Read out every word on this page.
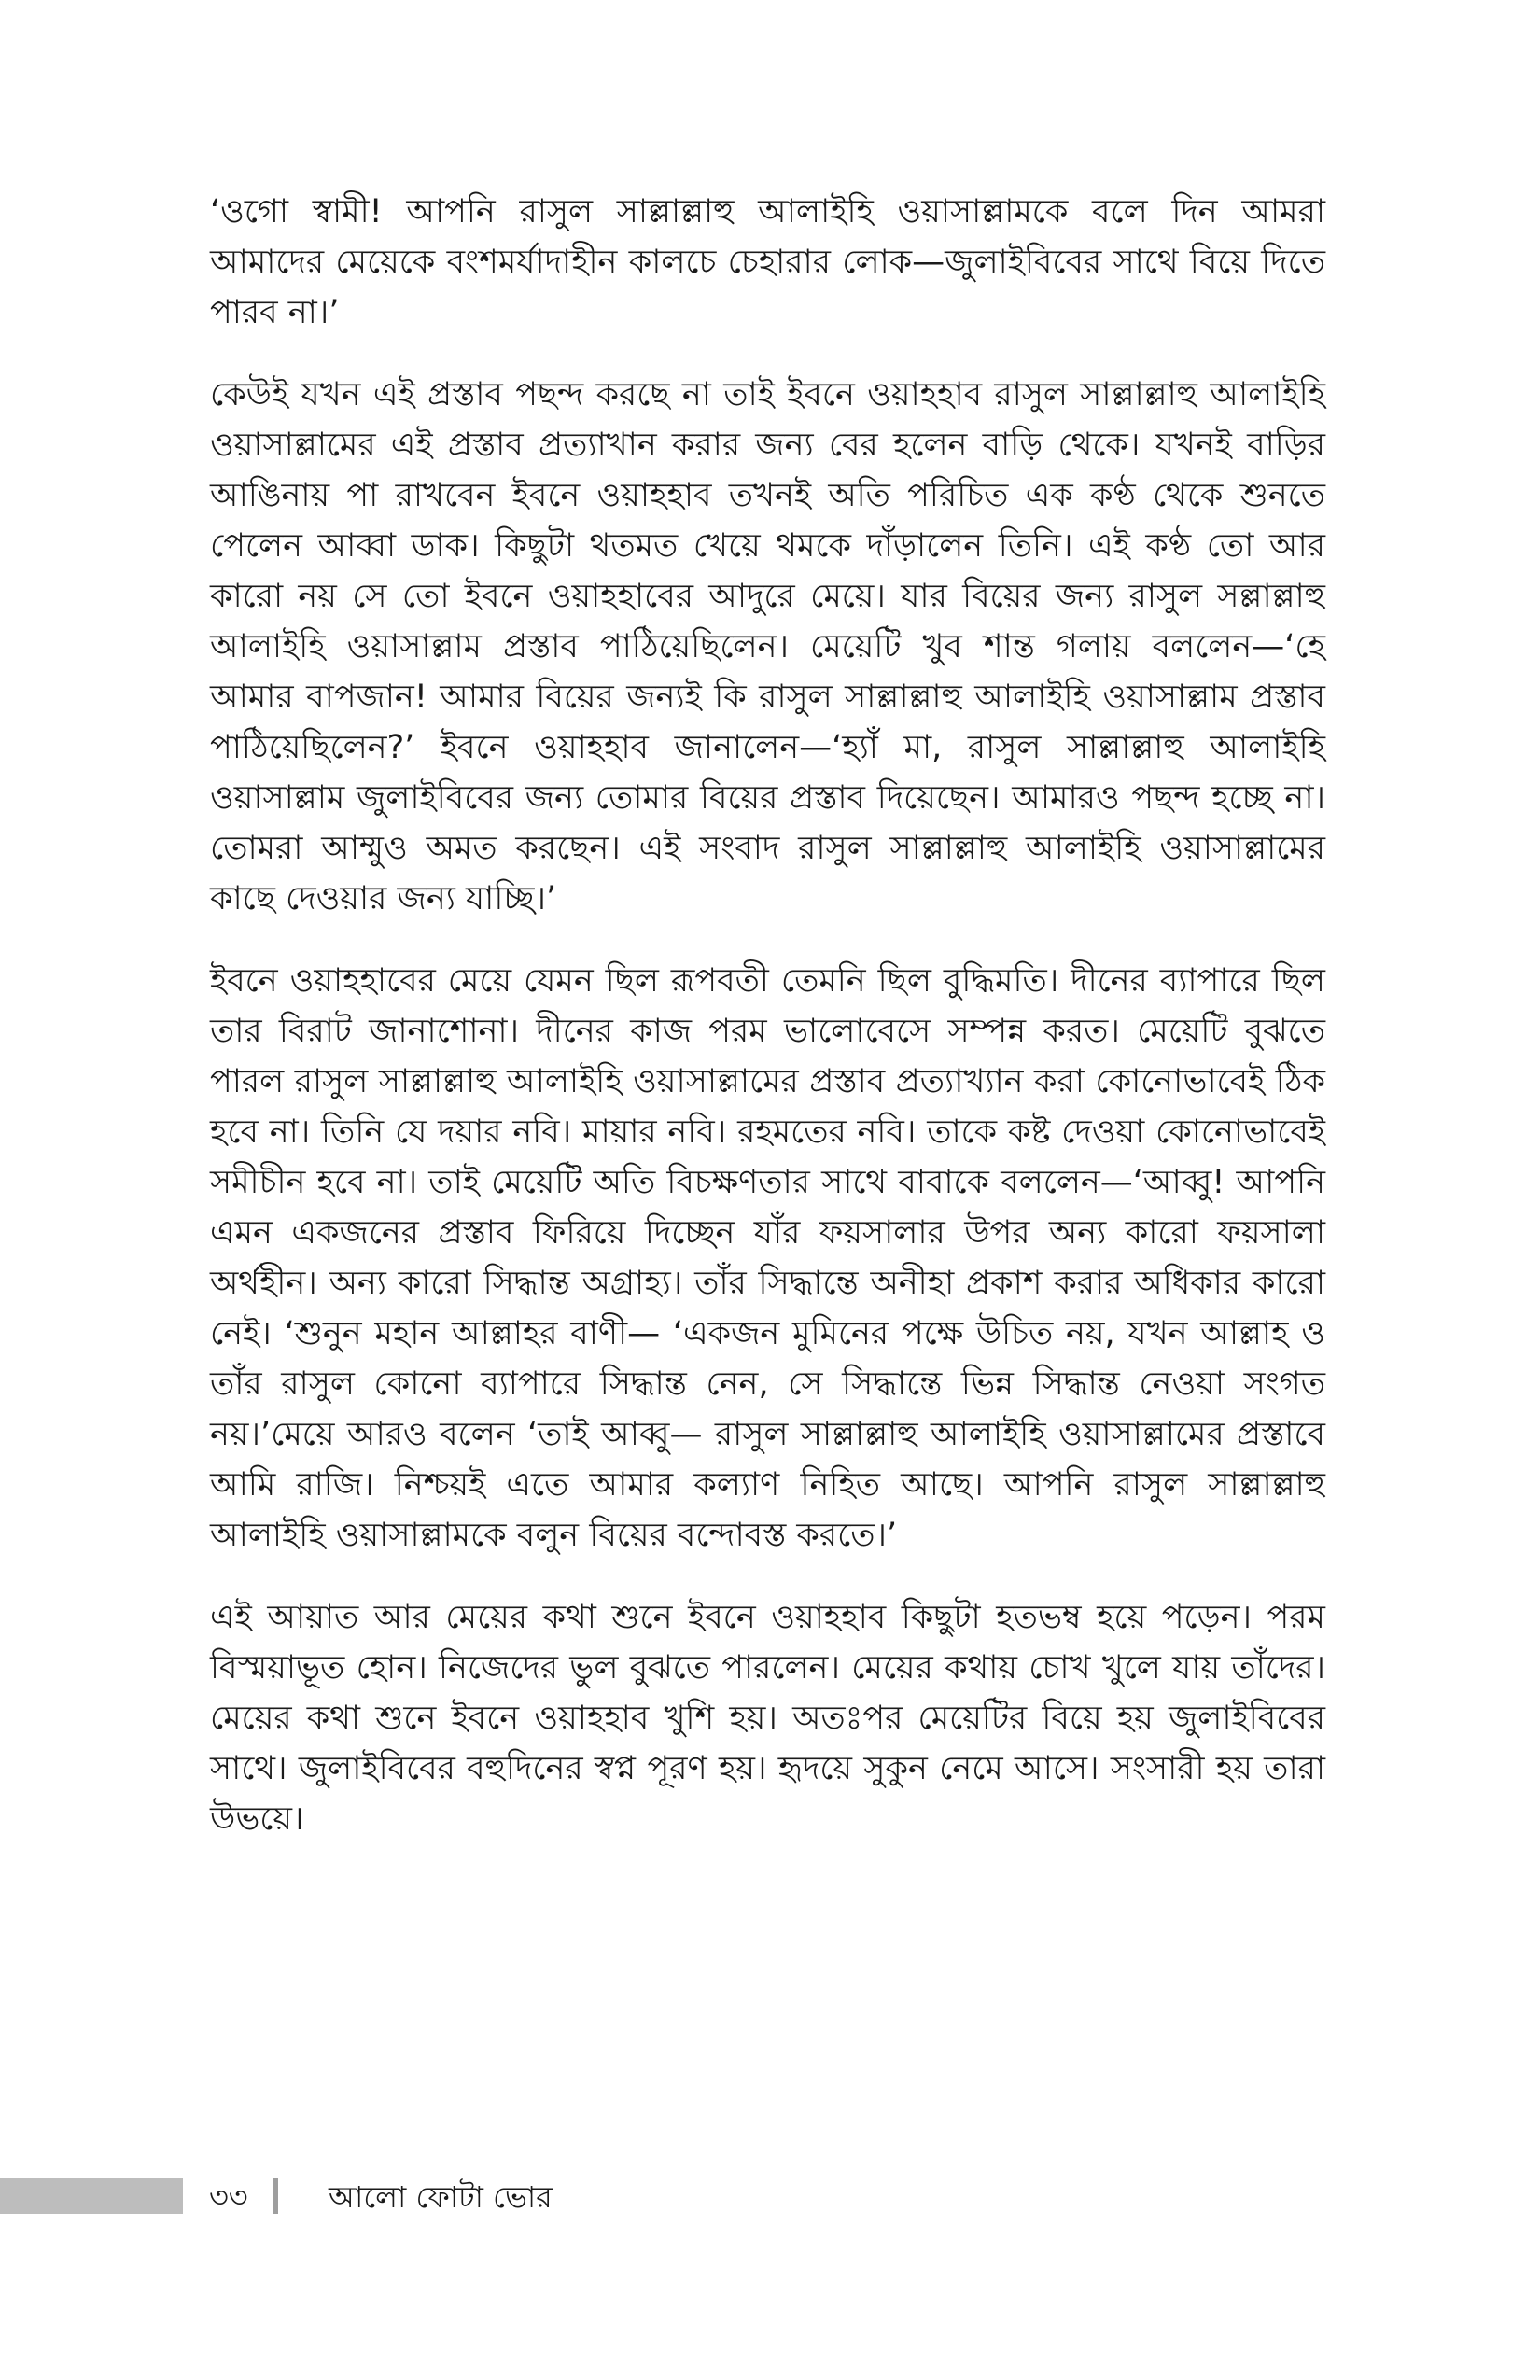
‘ওগো স্বামী! আপনি রাসুল সাল্লাল্লাহু আলাইহি ওয়াসাল্লামকে বলে দিন আমরা আমাদের মেয়েকে বংশমর্যাদাহীন কালচে চেহারার লোক—জুলাইবিবের সাথে বিয়ে দিতে পারব না।’

কেউই যখন এই প্রস্তাব পছন্দ করছে না তাই ইবনে ওয়াহহাব রাসুল সাল্লাল্লাহু আলাইহি ওয়াসাল্লামের এই প্রস্তাব প্রত্যাখান করার জন্য বের হলেন বাড়ি থেকে। যখনই বাড়ির আঙিনায় পা রাখবেন ইবনে ওয়াহহাব তখনই অতি পরিচিত এক কণ্ঠ থেকে শুনতে পেলেন আব্বা ডাক। কিছুটা থতমত খেয়ে থমকে দাঁড়ালেন তিনি। এই কণ্ঠ তো আর কারো নয় সে তো ইবনে ওয়াহহাবের আদুরে মেয়ে। যার বিয়ের জন্য রাসুল সল্লাল্লাহু আলাইহি ওয়াসাল্লাম প্রস্তাব পাঠিয়েছিলেন। মেয়েটি খুব শান্ত গলায় বললেন—‘হে আমার বাপজান! আমার বিয়ের জন্যই কি রাসুল সাল্লাল্লাহু আলাইহি ওয়াসাল্লাম প্রস্তাব পাঠিয়েছিলেন?’ ইবনে ওয়াহহাব জানালেন—‘হ্যাঁ মা, রাসুল সাল্লাল্লাহু আলাইহি ওয়াসাল্লাম জুলাইবিবের জন্য তোমার বিয়ের প্রস্তাব দিয়েছেন। আমারও পছন্দ হচ্ছে না। তোমরা আম্মুও অমত করছেন। এই সংবাদ রাসুল সাল্লাল্লাহু আলাইহি ওয়াসাল্লামের কাছে দেওয়ার জন্য যাচ্ছি।’

ইবনে ওয়াহহাবের মেয়ে যেমন ছিল রূপবতী তেমনি ছিল বুদ্ধিমতি। দীনের ব্যাপারে ছিল তার বিরাট জানাশোনা। দীনের কাজ পরম ভালোবেসে সম্পন্ন করত। মেয়েটি বুঝতে পারল রাসুল সাল্লাল্লাহু আলাইহি ওয়াসাল্লামের প্রস্তাব প্রত্যাখ্যান করা কোনোভাবেই ঠিক হবে না। তিনি যে দয়ার নবি। মায়ার নবি। রহমতের নবি। তাকে কষ্ট দেওয়া কোনোভাবেই সমীচীন হবে না। তাই মেয়েটি অতি বিচক্ষণতার সাথে বাবাকে বললেন—‘আব্বু! আপনি এমন একজনের প্রস্তাব ফিরিয়ে দিচ্ছেন যাঁর ফয়সালার উপর অন্য কারো ফয়সালা অর্থহীন। অন্য কারো সিদ্ধান্ত অগ্রাহ্য। তাঁর সিদ্ধান্তে অনীহা প্রকাশ করার অধিকার কারো নেই। ‘শুনুন মহান আল্লাহর বাণী— ‘একজন মুমিনের পক্ষে উচিত নয়, যখন আল্লাহ ও তাঁর রাসুল কোনো ব্যাপারে সিদ্ধান্ত নেন, সে সিদ্ধান্তে ভিন্ন সিদ্ধান্ত নেওয়া সংগত নয়।’মেয়ে আরও বলেন ‘তাই আব্বু— রাসুল সাল্লাল্লাহু আলাইহি ওয়াসাল্লামের প্রস্তাবে আমি রাজি। নিশ্চয়ই এতে আমার কল্যাণ নিহিত আছে। আপনি রাসুল সাল্লাল্লাহু আলাইহি ওয়াসাল্লামকে বলুন বিয়ের বন্দোবস্ত করতে।’

এই আয়াত আর মেয়ের কথা শুনে ইবনে ওয়াহহাব কিছুটা হতভম্ব হয়ে পড়েন। পরম বিস্ময়াভূত হোন। নিজেদের ভুল বুঝতে পারলেন। মেয়ের কথায় চোখ খুলে যায় তাঁদের। মেয়ের কথা শুনে ইবনে ওয়াহহাব খুশি হয়। অতঃপর মেয়েটির বিয়ে হয় জুলাইবিবের সাথে। জুলাইবিবের বহুদিনের স্বপ্ন পূরণ হয়। হৃদয়ে সুকুন নেমে আসে। সংসারী হয় তারা উভয়ে।

৩৩	আলো ফোটা ভোর
